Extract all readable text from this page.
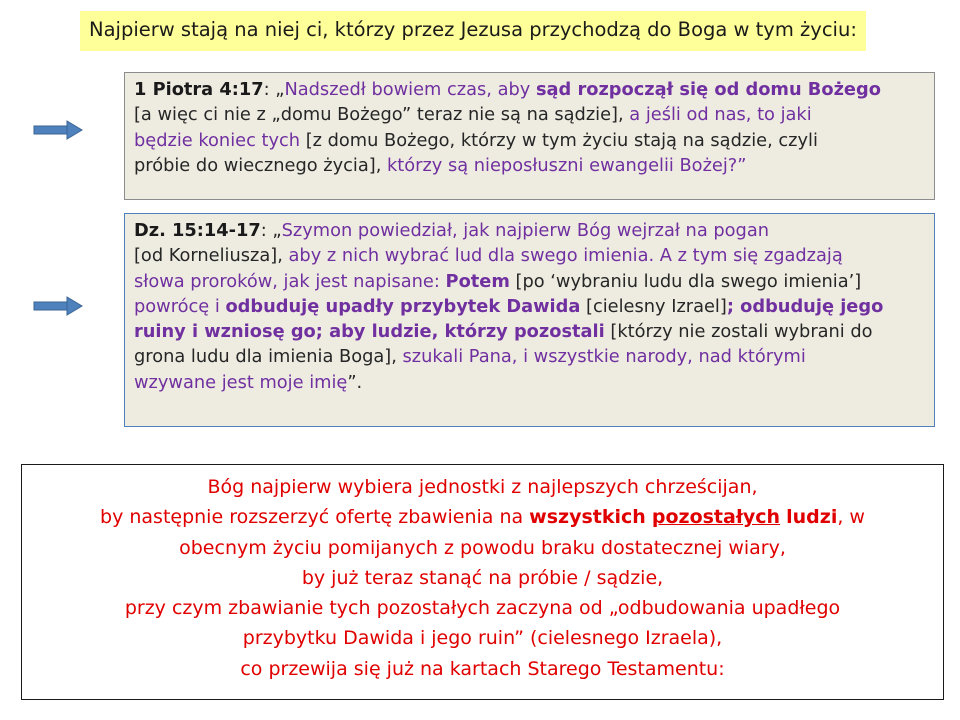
Najpierw stają na niej ci, którzy przez Jezusa przychodzą do Boga w tym życiu:
1 Piotra 4:17: „Nadszedł bowiem czas, aby sąd rozpoczął się od domu Bożego
[a więc ci nie z „domu Bożego” teraz nie są na sądzie], a jeśli od nas, to jaki
będzie koniec tych [z domu Bożego, którzy w tym życiu stają na sądzie, czyli
próbie do wiecznego życia], którzy są nieposłuszni ewangelii Bożej?”
Dz. 15:14-17: „Szymon powiedział, jak najpierw Bóg wejrzał na pogan
[od Korneliusza], aby z nich wybrać lud dla swego imienia. A z tym się zgadzają
słowa proroków, jak jest napisane: Potem [po ‘wybraniu ludu dla swego imienia’]
powrócę i odbuduję upadły przybytek Dawida [cielesny Izrael]; odbuduję jego
ruiny i wzniosę go; aby ludzie, którzy pozostali [którzy nie zostali wybrani do
grona ludu dla imienia Boga], szukali Pana, i wszystkie narody, nad którymi
wzywane jest moje imię”.
Bóg najpierw wybiera jednostki z najlepszych chrześcijan,
by następnie rozszerzyć ofertę zbawienia na wszystkich pozostałych ludzi, w
obecnym życiu pomijanych z powodu braku dostatecznej wiary,
by już teraz stanąć na próbie / sądzie,
przy czym zbawianie tych pozostałych zaczyna od „odbudowania upadłego
przybytku Dawida i jego ruin” (cielesnego Izraela),
co przewija się już na kartach Starego Testamentu:
